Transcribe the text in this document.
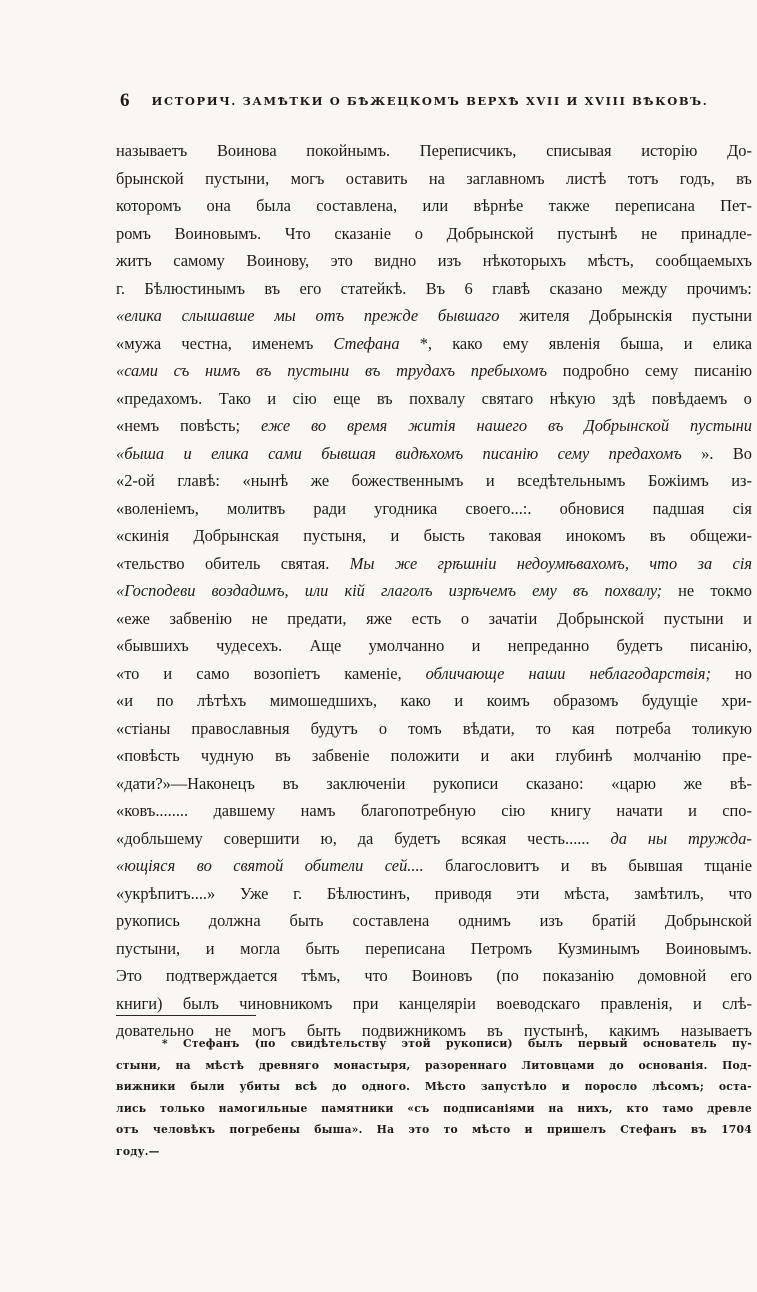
6 ИСТОРИЧ. ЗАМѢТКИ О БѢЖЕЦКОМЪ ВЕРХѢ XVII И XVIII ВѢКОВЪ.
называетъ Воинова покойнымъ. Переписчикъ, списывая исторію До-
брынской пустыни, могъ оставить на заглавномъ листѣ тотъ годъ, въ
которомъ она была составлена, или вѣрнѣе также переписана Пет-
ромъ Воиновымъ. Что сказаніе о Добрынской пустынѣ не принадле-
житъ самому Воинову, это видно изъ нѣкоторыхъ мѣстъ, сообщаемыхъ
г. Бѣлюстинымъ въ его статейкѣ. Въ 6 главѣ сказано между прочимъ:
«елика слышавше мы отъ прежде бывшаго жителя Добрынскія пустыни
«мужа честна, именемъ Стефана *, како ему явленія быша, и елика
«сами съ нимъ въ пустыни въ трудахъ пребыхомъ подробно сему писанію
«предахомъ. Тако и сію еще въ похвалу святаго нѣкую здѣ повѣдаемъ о
«немъ повѣсть; еже во время житія нашего въ Добрынской пустыни
«быша и елика сами бывшая видѣхомъ писанію сему предахомъ ». Во
«2-ой главѣ: «нынѣ же божественнымъ и вседѣтельнымъ Божіимъ из-
«воленіемъ, молитвъ ради угодника своего...:. обновися падшая сія
«скинія Добрынская пустыня, и бысть таковая инокомъ въ общежи-
«тельство обитель святая. Мы же грѣшніи недоумѣвахомъ, что за сія
«Господеви воздадимъ, или кій глаголъ изрѣчемъ ему въ похвалу; не токмо
«еже забвенію не предати, яже есть о зачатіи Добрынской пустыни и
«бывшихъ чудесехъ. Аще умолчанно и непреданно будетъ писанію,
«то и само возопіетъ каменіе, обличающе наши неблагодарствія; но
«и по лѣтѣхъ мимошедшихъ, како и коимъ образомъ будущіе хри-
«стіаны православныя будутъ о томъ вѣдати, то кая потреба толикую
«повѣсть чудную въ забвеніе положити и аки глубинѣ молчанію пре-
«дати?»—Наконецъ въ заключеніи рукописи сказано: «царю же вѣ-
«ковъ........ давшему намъ благопотребную сію книгу начати и спо-
«добльшему совершити ю, да будетъ всякая честь...... да ны тружда-
«ющіяся во святой обители сей.... благословитъ и въ бывшая тщаніе
«укрѣпитъ....» Уже г. Бѣлюстинъ, приводя эти мѣста, замѣтилъ, что
рукопись должна быть составлена однимъ изъ братій Добрынской
пустыни, и могла быть переписана Петромъ Кузминымъ Воиновымъ.
Это подтверждается тѣмъ, что Воиновъ (по показанію домовной его
книги) былъ чиновникомъ при канцеляріи воеводскаго правленія, и слѣ-
довательно не могъ быть подвижникомъ въ пустынѣ, какимъ называетъ
* Стефанъ (по свидѣтельству этой рукописи) былъ первый основатель пу-
стыни, на мѣстѣ древняго монастыря, разореннаго Литовцами до основанія. Под-
вижники были убиты всѣ до одного. Мѣсто запустѣло и поросло лѣсомъ; оста-
лись только намогильные памятники «съ подписаніями на нихъ, кто тамо древле
отъ человѣкъ погребены быша». На это то мѣсто и пришелъ Стефанъ въ 1704
году.—
